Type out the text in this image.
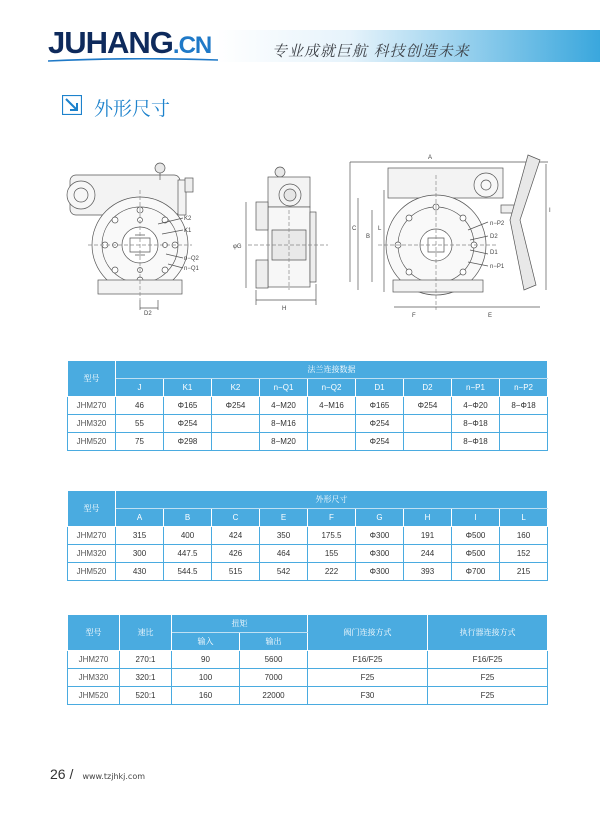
JUHANG.CN	专业成就巨航 科技创造未来
外形尺寸
K2
K1
n−Q2
n−Q1
D2
φG
H
A
n−P2
D2
D1
n−P1
C
B
L
F	E
I
型号	法兰连接数据								
	J	K1	K2	n−Q1	n−Q2	D1	D2	n−P1	n−P2
JHM270	46	Φ165	Φ254	4−M20	4−M16	Φ165	Φ254	4−Φ20	8−Φ18
JHM320	55	Φ254		8−M16		Φ254		8−Φ18	
JHM520	75	Φ298		8−M20		Φ254		8−Φ18	
型号	外形尺寸								
	A	B	C	E	F	G	H	I	L
JHM270	315	400	424	350	175.5	Φ300	191	Φ500	160
JHM320	300	447.5	426	464	155	Φ300	244	Φ500	152
JHM520	430	544.5	515	542	222	Φ300	393	Φ700	215
型号	速比	扭矩		阀门连接方式	执行器连接方式
		输入	输出		
JHM270	270:1	90	5600	F16/F25	F16/F25
JHM320	320:1	100	7000	F25	F25
JHM520	520:1	160	22000	F30	F25
26 / www.tzjhkj.com
